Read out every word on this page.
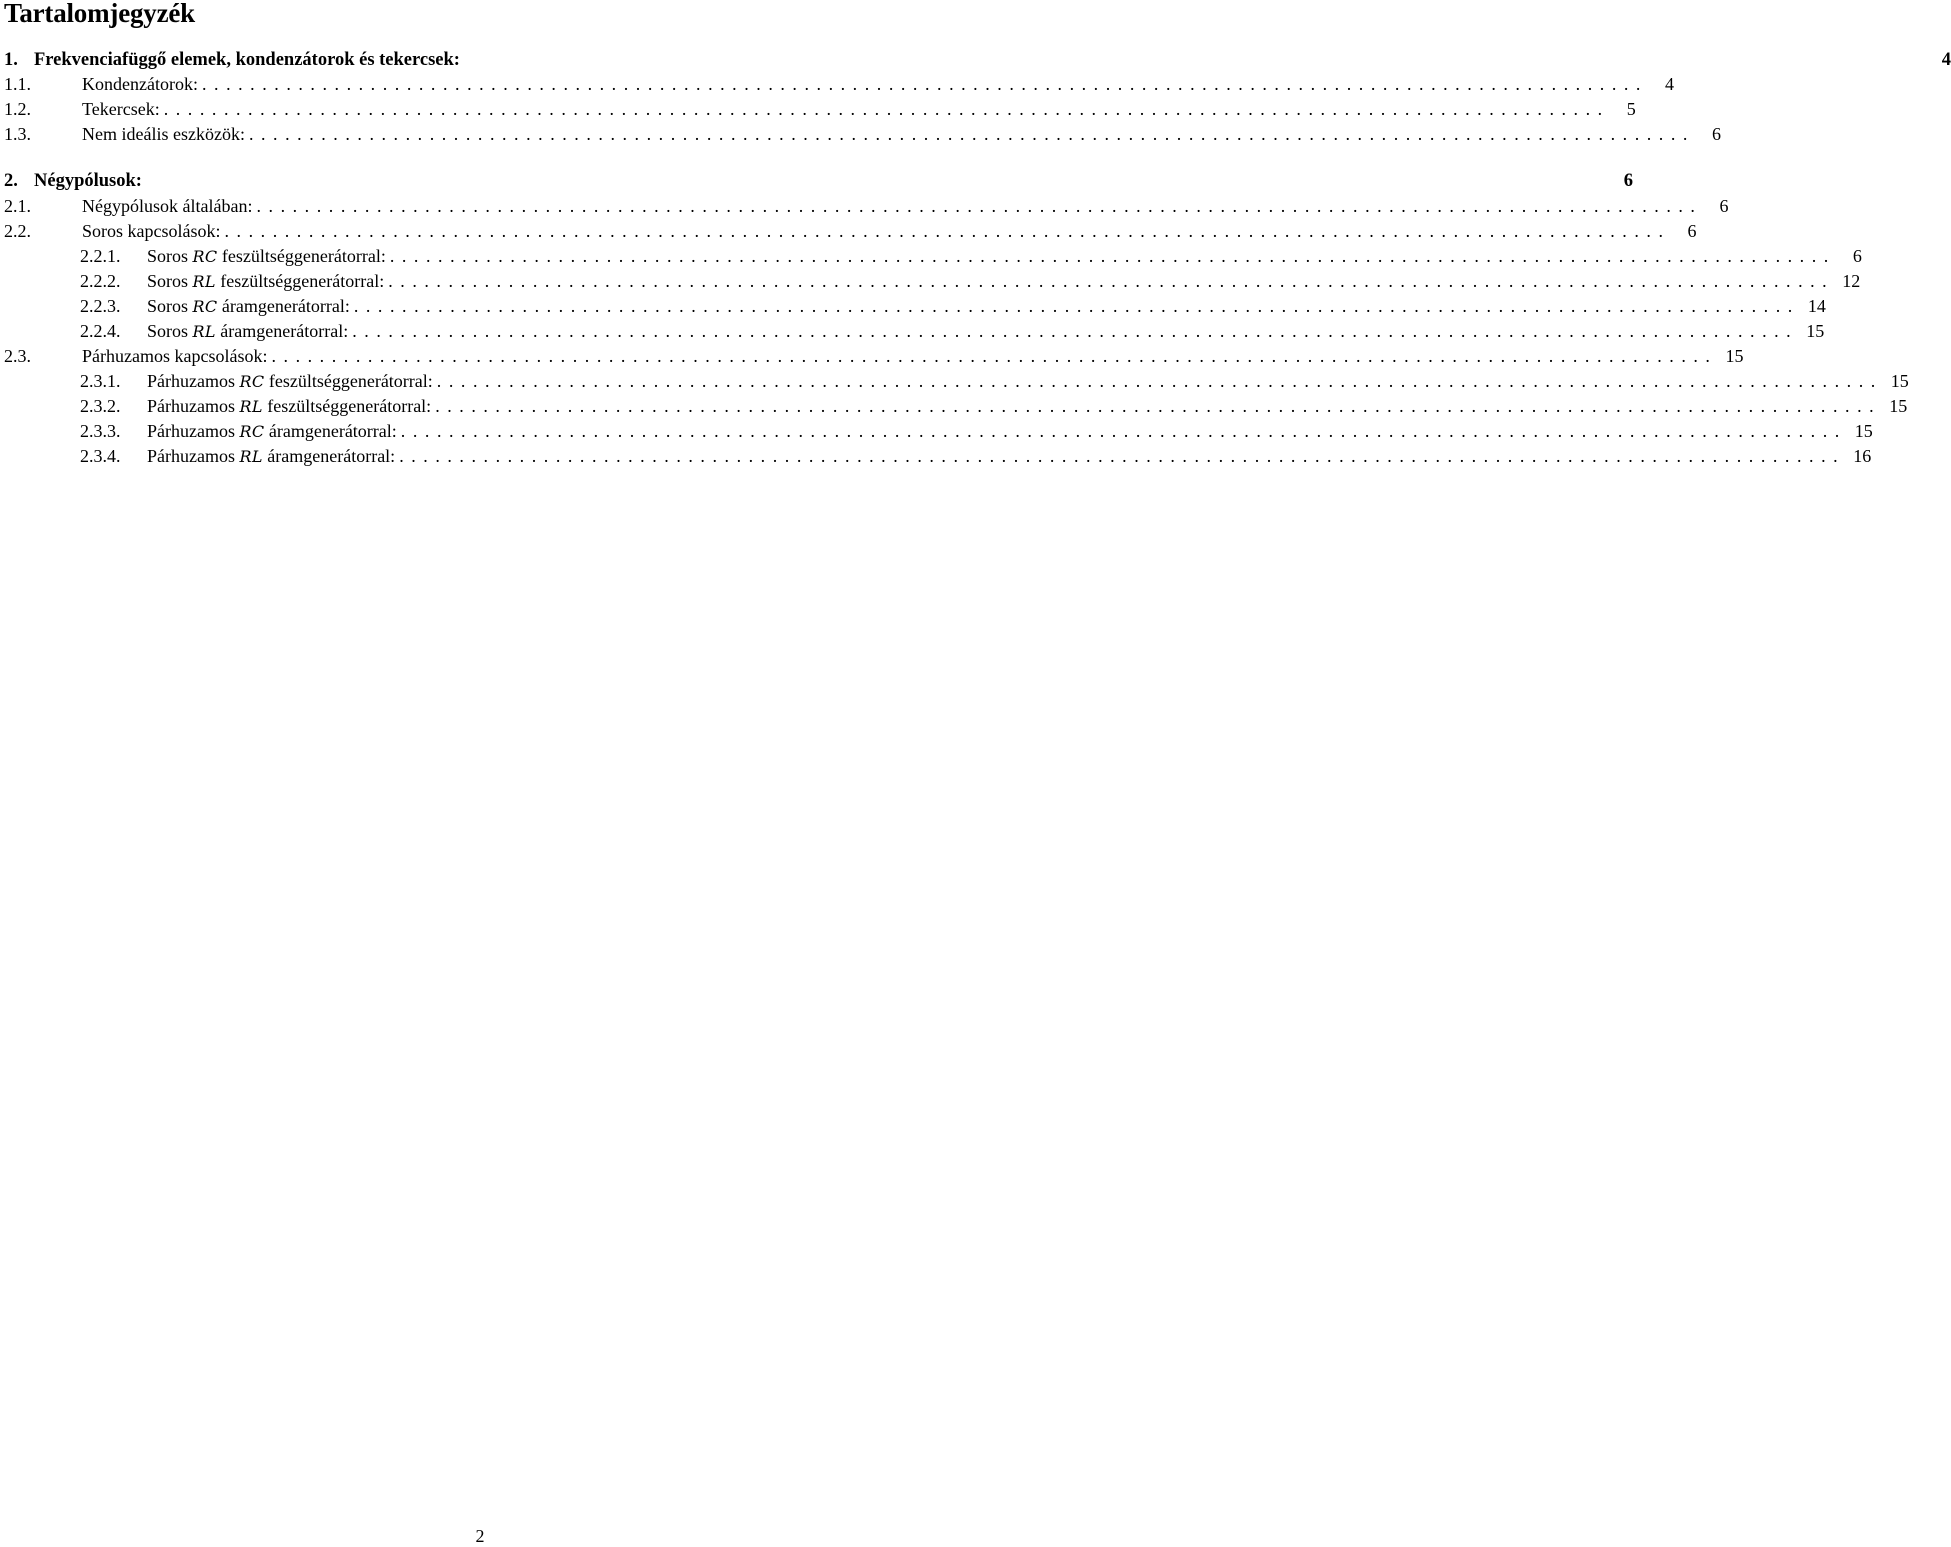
Tartalomjegyzék
1. Frekvenciafüggő elemek, kondenzátorok és tekercsek:	4
1.1.	Kondenzátorok: ........................................................................................................................ 4
1.2.	Tekercsek: ........................................................................................................................ 5
1.3.	Nem ideális eszközök: ........................................................................................................................ 6
2. Négypólusok:	6
2.1.	Négypólusok általában: ........................................................................................................................ 6
2.2.	Soros kapcsolások: ........................................................................................................................ 6
2.2.1.	Soros RC feszültséggenerátorral: ........................................................................................................................ 6
2.2.2.	Soros RL feszültséggenerátorral: ........................................................................................................................ 12
2.2.3.	Soros RC áramgenerátorral: ........................................................................................................................ 14
2.2.4.	Soros RL áramgenerátorral: ........................................................................................................................ 15
2.3.	Párhuzamos kapcsolások: ........................................................................................................................ 15
2.3.1.	Párhuzamos RC feszültséggenerátorral: ........................................................................................................................ 15
2.3.2.	Párhuzamos RL feszültséggenerátorral: ........................................................................................................................ 15
2.3.3.	Párhuzamos RC áramgenerátorral: ........................................................................................................................ 15
2.3.4.	Párhuzamos RL áramgenerátorral: ........................................................................................................................ 16
2
